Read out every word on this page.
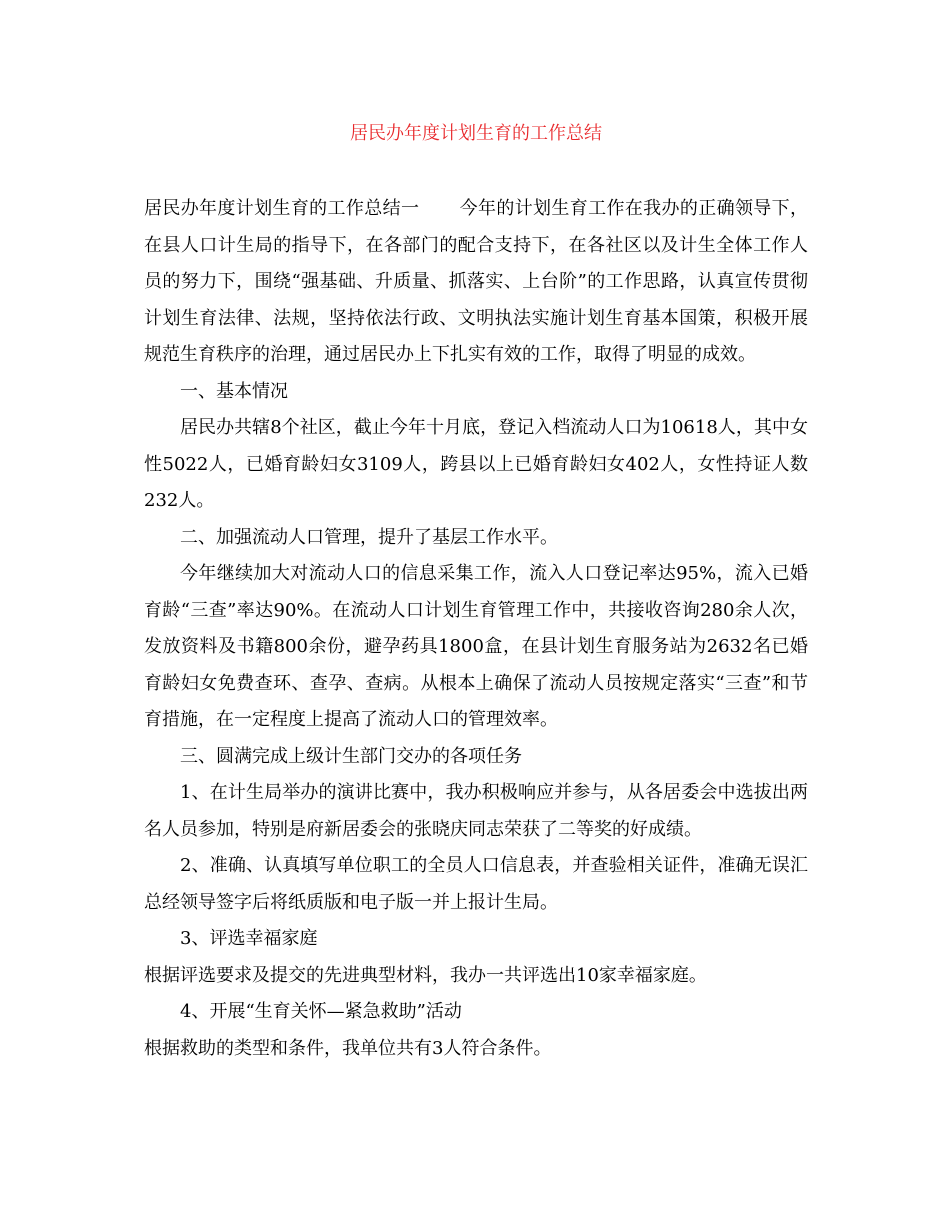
居民办年度计划生育的工作总结

居民办年度计划生育的工作总结一 今年的计划生育工作在我办的正确领导下，在县人口计生局的指导下，在各部门的配合支持下，在各社区以及计生全体工作人员的努力下，围绕“强基础、升质量、抓落实、上台阶”的工作思路，认真宣传贯彻计划生育法律、法规，坚持依法行政、文明执法实施计划生育基本国策，积极开展规范生育秩序的治理，通过居民办上下扎实有效的工作，取得了明显的成效。

一、基本情况

居民办共辖8个社区，截止今年十月底，登记入档流动人口为10618人，其中女性5022人，已婚育龄妇女3109人，跨县以上已婚育龄妇女402人，女性持证人数232人。

二、加强流动人口管理，提升了基层工作水平。

今年继续加大对流动人口的信息采集工作，流入人口登记率达95%，流入已婚育龄“三查”率达90%。在流动人口计划生育管理工作中，共接收咨询280余人次，发放资料及书籍800余份，避孕药具1800盒，在县计划生育服务站为2632名已婚育龄妇女免费查环、查孕、查病。从根本上确保了流动人员按规定落实“三查”和节育措施，在一定程度上提高了流动人口的管理效率。

三、圆满完成上级计生部门交办的各项任务

1、在计生局举办的演讲比赛中，我办积极响应并参与，从各居委会中选拔出两名人员参加，特别是府新居委会的张晓庆同志荣获了二等奖的好成绩。

2、准确、认真填写单位职工的全员人口信息表，并查验相关证件，准确无误汇总经领导签字后将纸质版和电子版一并上报计生局。

3、评选幸福家庭

根据评选要求及提交的先进典型材料，我办一共评选出10家幸福家庭。

4、开展“生育关怀—紧急救助”活动

根据救助的类型和条件，我单位共有3人符合条件。
